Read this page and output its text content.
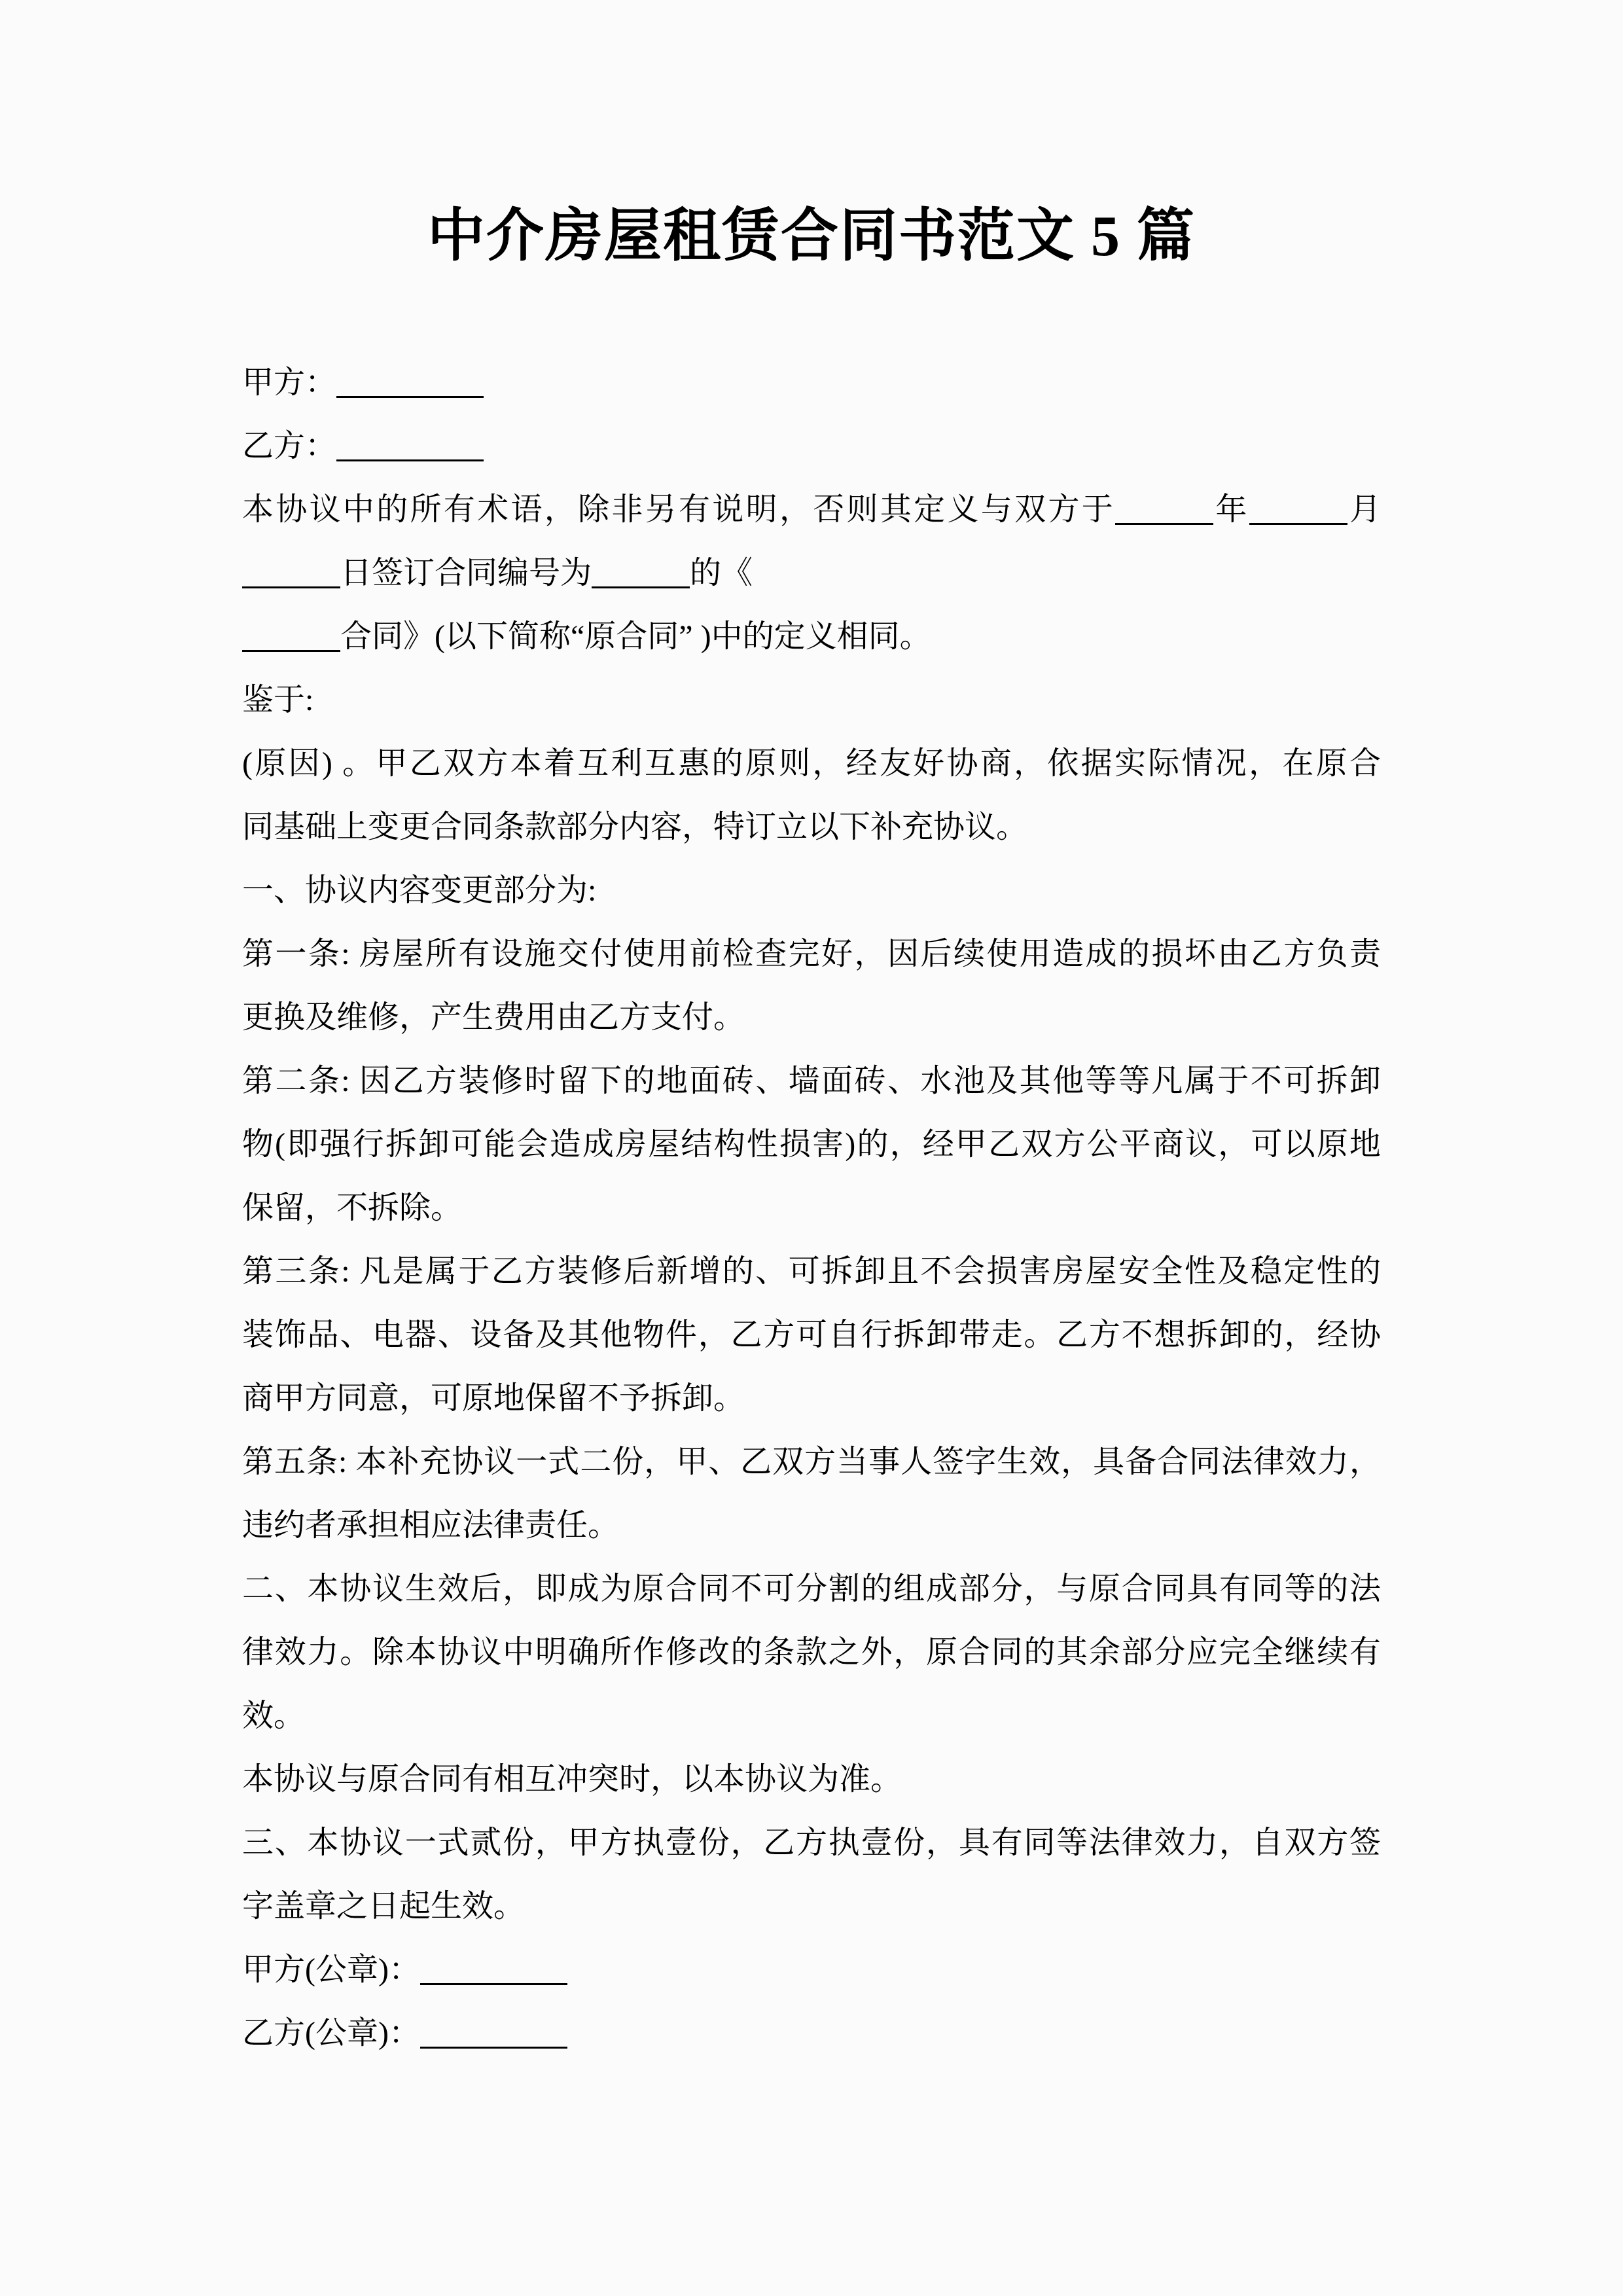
中介房屋租赁合同书范文 5 篇
甲方：
乙方：
本协议中的所有术语，除非另有说明，否则其定义与双方于	年	月
日签订合同编号为	的《
合同》(以下简称“原合同” )中的定义相同。
鉴于:
(原因) 。甲乙双方本着互利互惠的原则，经友好协商，依据实际情况，在原合
同基础上变更合同条款部分内容，特订立以下补充协议。
一、协议内容变更部分为:
第一条: 房屋所有设施交付使用前检查完好，因后续使用造成的损坏由乙方负责
更换及维修，产生费用由乙方支付。
第二条: 因乙方装修时留下的地面砖、墙面砖、水池及其他等等凡属于不可拆卸
物(即强行拆卸可能会造成房屋结构性损害)的，经甲乙双方公平商议，可以原地
保留，不拆除。
第三条: 凡是属于乙方装修后新增的、可拆卸且不会损害房屋安全性及稳定性的
装饰品、电器、设备及其他物件，乙方可自行拆卸带走。乙方不想拆卸的，经协
商甲方同意，可原地保留不予拆卸。
第五条: 本补充协议一式二份，甲、乙双方当事人签字生效，具备合同法律效力，
违约者承担相应法律责任。
二、本协议生效后，即成为原合同不可分割的组成部分，与原合同具有同等的法
律效力。除本协议中明确所作修改的条款之外，原合同的其余部分应完全继续有
效。
本协议与原合同有相互冲突时，以本协议为准。
三、本协议一式贰份，甲方执壹份，乙方执壹份，具有同等法律效力，自双方签
字盖章之日起生效。
甲方(公章)：
乙方(公章)：
